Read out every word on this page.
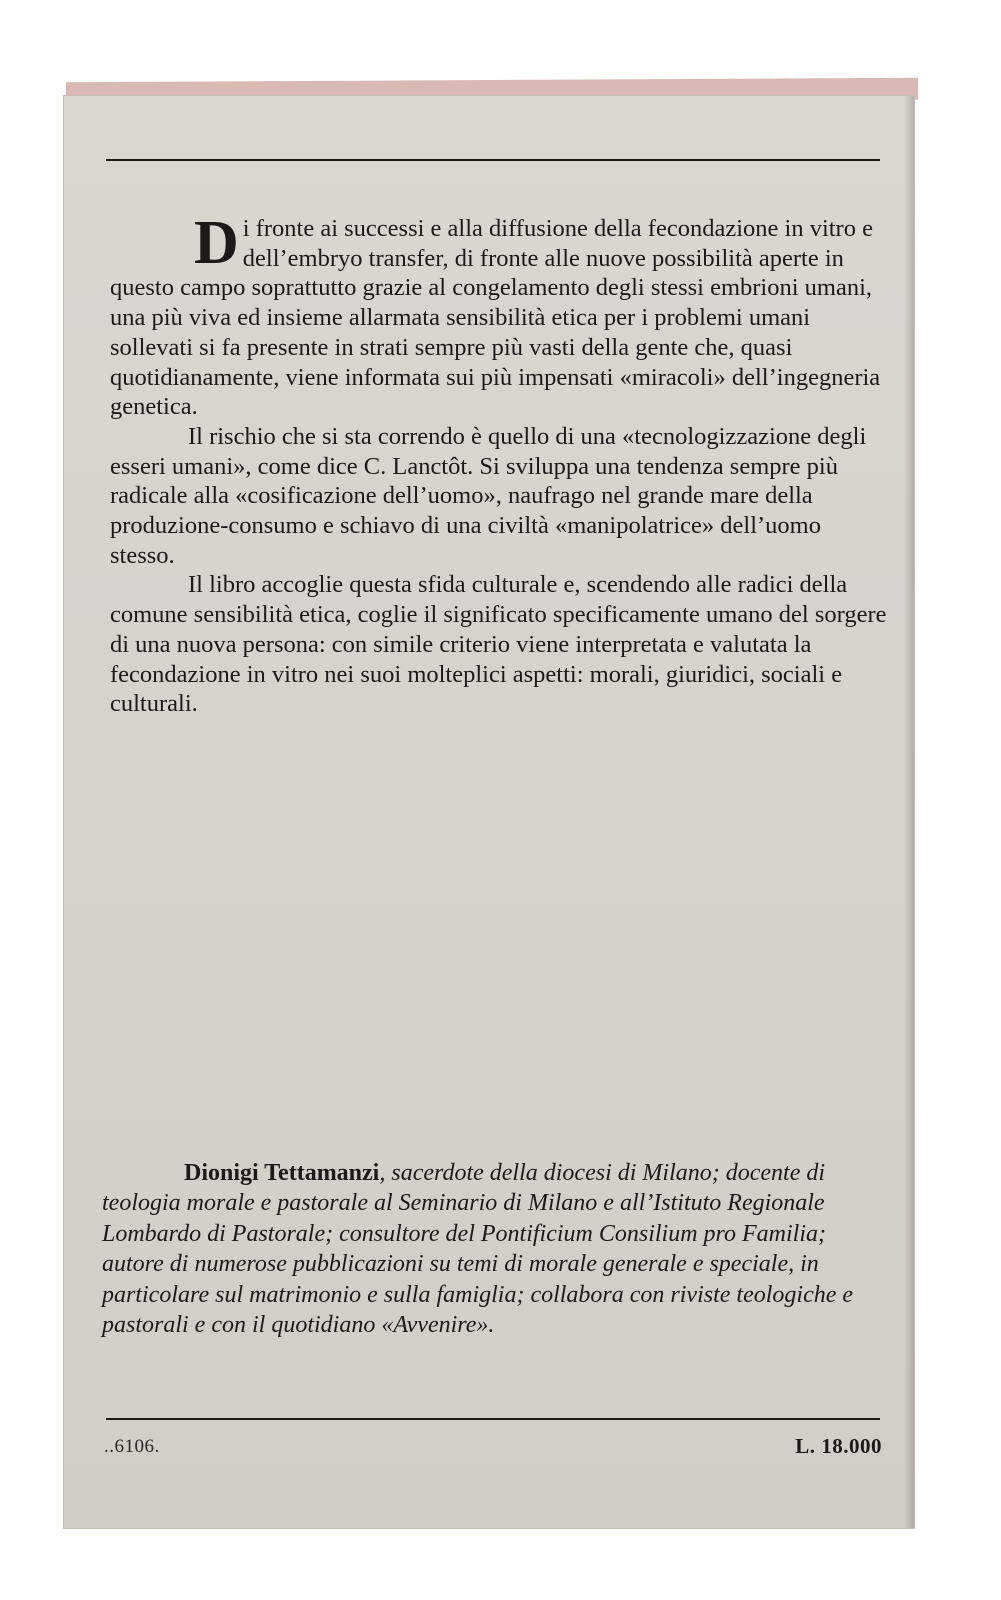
Di fronte ai successi e alla diffusione della fecondazione in vitro e dell’embryo transfer, di fronte alle nuove possibilità aperte in questo campo soprattutto grazie al congelamento degli stessi embrioni umani, una più viva ed insieme allarmata sensibilità etica per i problemi umani sollevati si fa presente in strati sempre più vasti della gente che, quasi quotidianamente, viene informata sui più impensati «miracoli» dell’ingegneria genetica.

Il rischio che si sta correndo è quello di una «tecnologizzazione degli esseri umani», come dice C. Lanctôt. Si sviluppa una tendenza sempre più radicale alla «cosificazione dell’uomo», naufrago nel grande mare della produzione-consumo e schiavo di una civiltà «manipolatrice» dell’uomo stesso.

Il libro accoglie questa sfida culturale e, scendendo alle radici della comune sensibilità etica, coglie il significato specificamente umano del sorgere di una nuova persona: con simile criterio viene interpretata e valutata la fecondazione in vitro nei suoi molteplici aspetti: morali, giuridici, sociali e culturali.

Dionigi Tettamanzi, sacerdote della diocesi di Milano; docente di teologia morale e pastorale al Seminario di Milano e all’Istituto Regionale Lombardo di Pastorale; consultore del Pontificium Consilium pro Familia; autore di numerose pubblicazioni su temi di morale generale e speciale, in particolare sul matrimonio e sulla famiglia; collabora con riviste teologiche e pastorali e con il quotidiano «Avvenire».

..6106.	L. 18.000
